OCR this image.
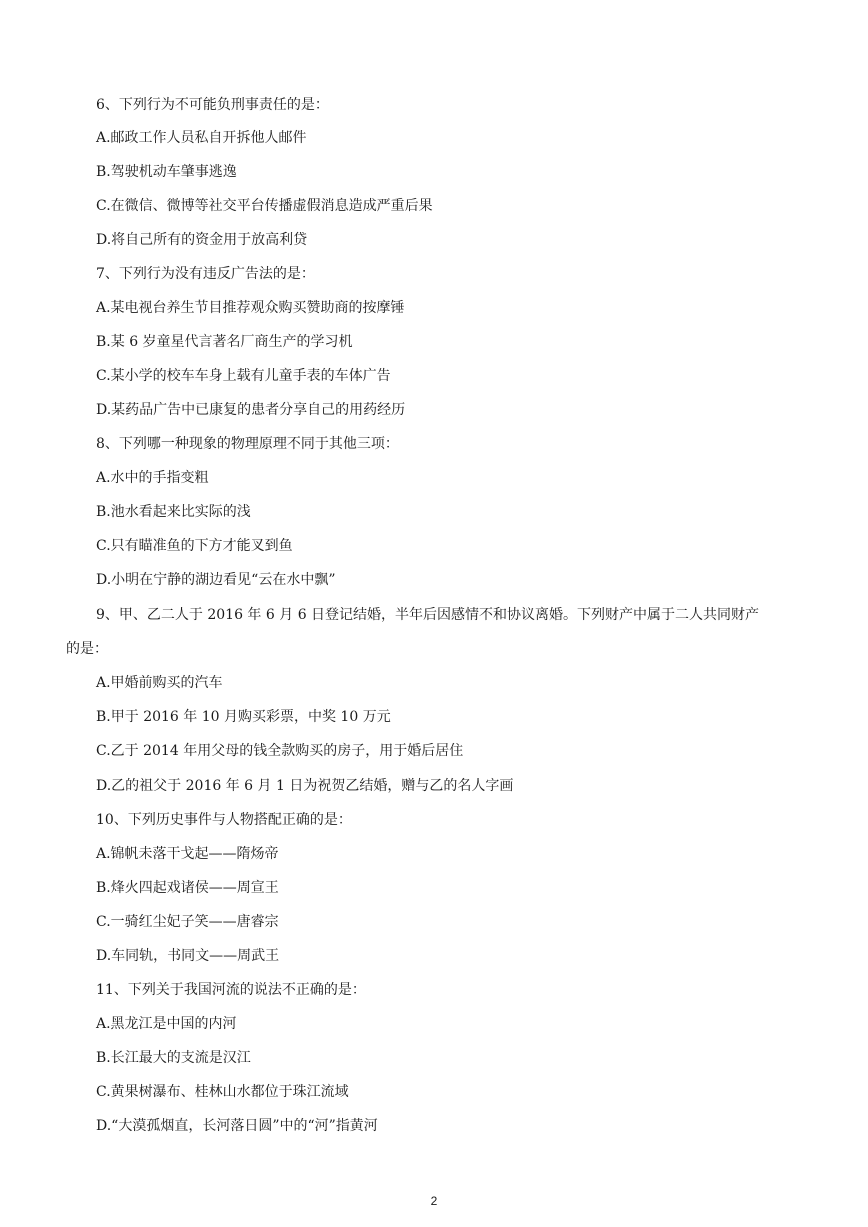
6、下列行为不可能负刑事责任的是：
A.邮政工作人员私自开拆他人邮件
B.驾驶机动车肇事逃逸
C.在微信、微博等社交平台传播虚假消息造成严重后果
D.将自己所有的资金用于放高利贷
7、下列行为没有违反广告法的是：
A.某电视台养生节目推荐观众购买赞助商的按摩锤
B.某 6 岁童星代言著名厂商生产的学习机
C.某小学的校车车身上载有儿童手表的车体广告
D.某药品广告中已康复的患者分享自己的用药经历
8、下列哪一种现象的物理原理不同于其他三项：
A.水中的手指变粗
B.池水看起来比实际的浅
C.只有瞄准鱼的下方才能叉到鱼
D.小明在宁静的湖边看见“云在水中飘”
9、甲、乙二人于 2016 年 6 月 6 日登记结婚，半年后因感情不和协议离婚。下列财产中属于二人共同财产
的是：
A.甲婚前购买的汽车
B.甲于 2016 年 10 月购买彩票，中奖 10 万元
C.乙于 2014 年用父母的钱全款购买的房子，用于婚后居住
D.乙的祖父于 2016 年 6 月 1 日为祝贺乙结婚，赠与乙的名人字画
10、下列历史事件与人物搭配正确的是：
A.锦帆未落干戈起——隋炀帝
B.烽火四起戏诸侯——周宣王
C.一骑红尘妃子笑——唐睿宗
D.车同轨，书同文——周武王
11、下列关于我国河流的说法不正确的是：
A.黑龙江是中国的内河
B.长江最大的支流是汉江
C.黄果树瀑布、桂林山水都位于珠江流域
D.“大漠孤烟直，长河落日圆”中的“河”指黄河
2
